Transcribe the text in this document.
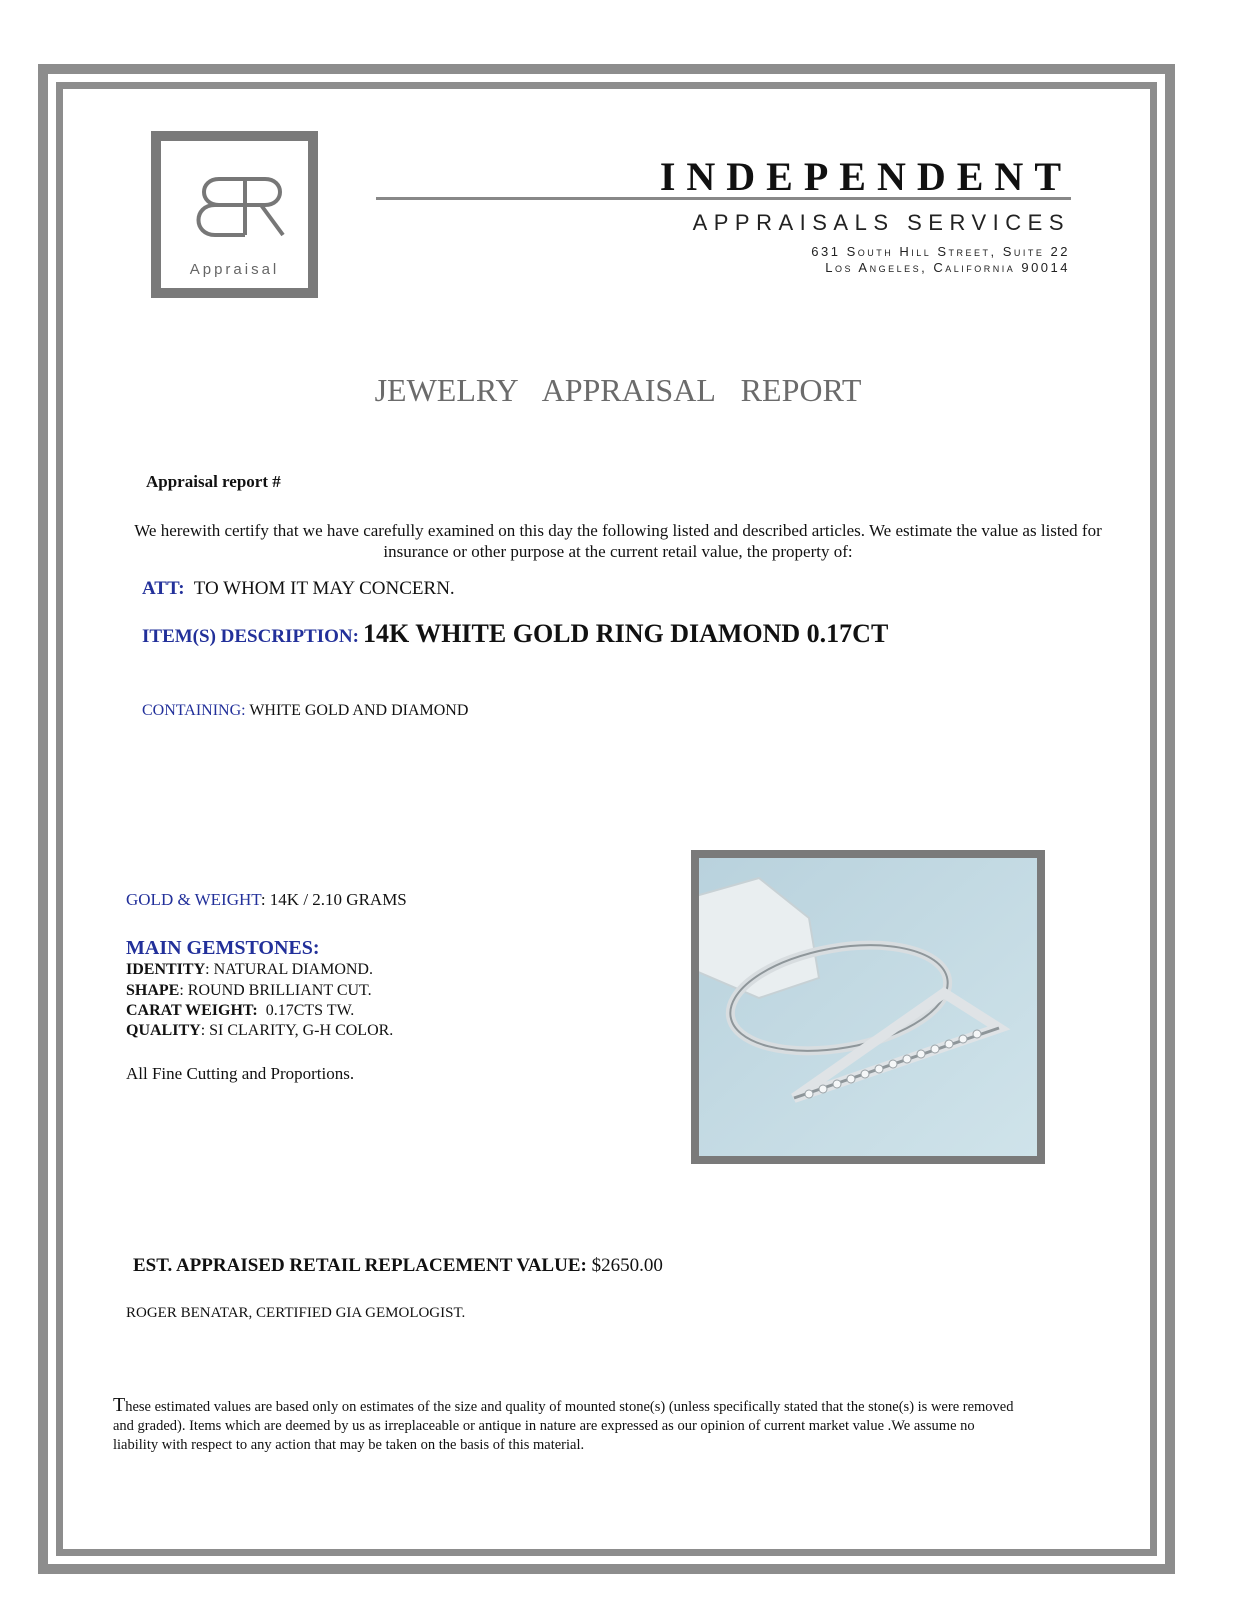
Appraisal
INDEPENDENT
APPRAISALS SERVICES
631 South Hill Street, Suite 22
Los Angeles, California 90014
JEWELRY APPRAISAL REPORT
Appraisal report #
We herewith certify that we have carefully examined on this day the following listed and described articles. We estimate the value as listed for insurance or other purpose at the current retail value, the property of:
ATT: TO WHOM IT MAY CONCERN.
ITEM(S) DESCRIPTION: 14K WHITE GOLD RING DIAMOND 0.17CT
CONTAINING: WHITE GOLD AND DIAMOND
GOLD & WEIGHT: 14K / 2.10 GRAMS
MAIN GEMSTONES:
IDENTITY: NATURAL DIAMOND.
SHAPE: ROUND BRILLIANT CUT.
CARAT WEIGHT: 0.17CTS TW.
QUALITY: SI CLARITY, G-H COLOR.
All Fine Cutting and Proportions.
EST. APPRAISED RETAIL REPLACEMENT VALUE: $2650.00
ROGER BENATAR, CERTIFIED GIA GEMOLOGIST.
These estimated values are based only on estimates of the size and quality of mounted stone(s) (unless specifically stated that the stone(s) is were removed and graded). Items which are deemed by us as irreplaceable or antique in nature are expressed as our opinion of current market value .We assume no liability with respect to any action that may be taken on the basis of this material.
